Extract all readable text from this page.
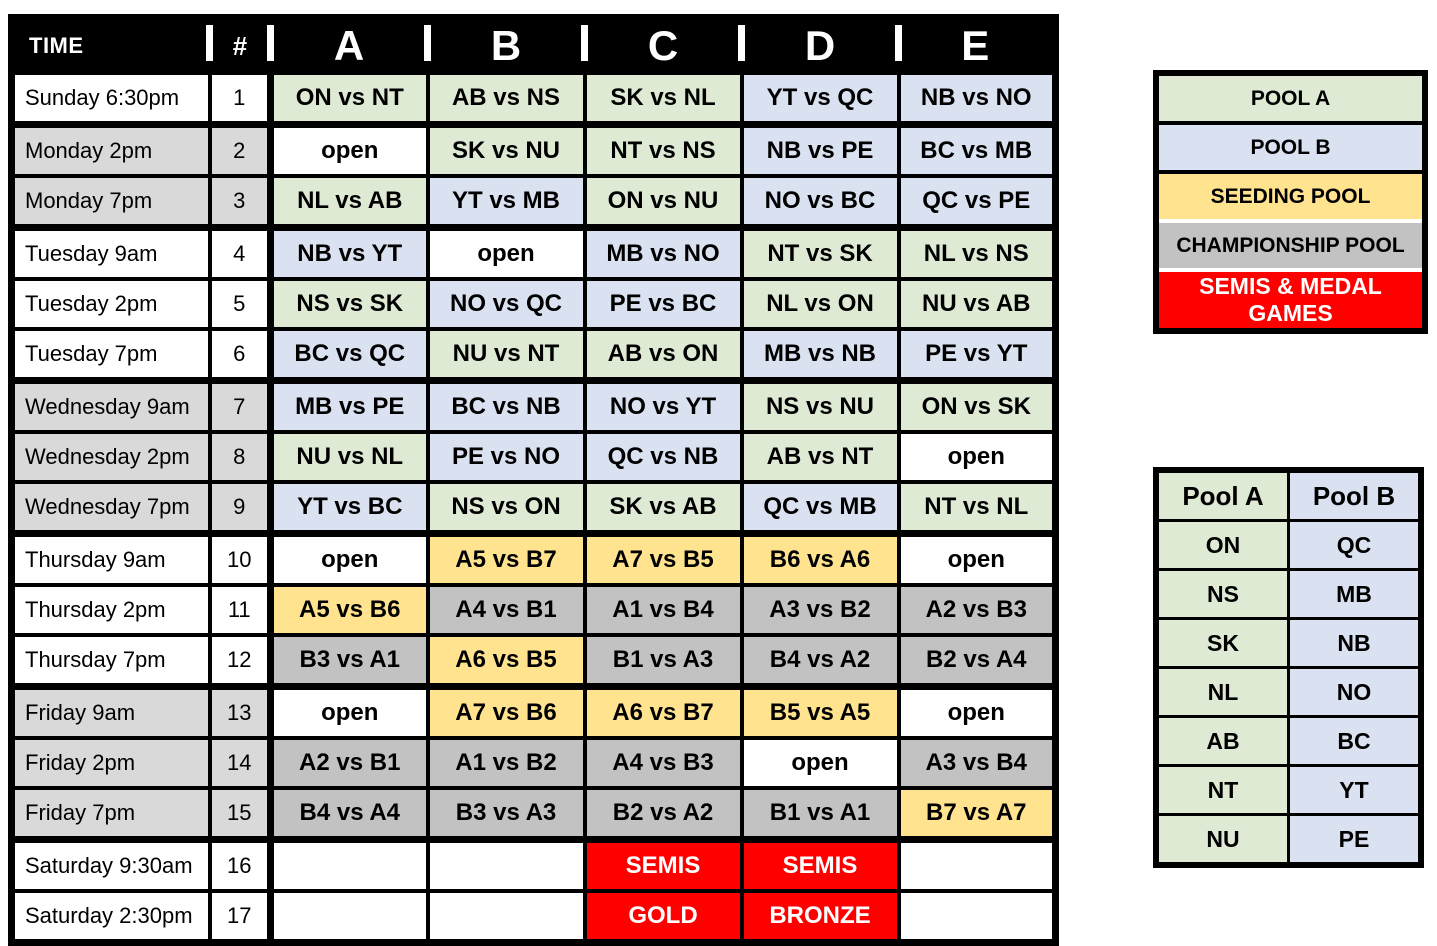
TIME	#	A	B	C	D	E
Sunday 6:30pm	1	ON vs NT	AB vs NS	SK vs NL	YT vs QC	NB vs NO
Monday 2pm	2	open	SK vs NU	NT vs NS	NB vs PE	BC vs MB
Monday 7pm	3	NL vs AB	YT vs MB	ON vs NU	NO vs BC	QC vs PE
Tuesday 9am	4	NB vs YT	open	MB vs NO	NT vs SK	NL vs NS
Tuesday 2pm	5	NS vs SK	NO vs QC	PE vs BC	NL vs ON	NU vs AB
Tuesday 7pm	6	BC vs QC	NU vs NT	AB vs ON	MB vs NB	PE vs YT
Wednesday 9am	7	MB vs PE	BC vs NB	NO vs YT	NS vs NU	ON vs SK
Wednesday 2pm	8	NU vs NL	PE vs NO	QC vs NB	AB vs NT	open
Wednesday 7pm	9	YT vs BC	NS vs ON	SK vs AB	QC vs MB	NT vs NL
Thursday 9am	10	open	A5 vs B7	A7 vs B5	B6 vs A6	open
Thursday 2pm	11	A5 vs B6	A4 vs B1	A1 vs B4	A3 vs B2	A2 vs B3
Thursday 7pm	12	B3 vs A1	A6 vs B5	B1 vs A3	B4 vs A2	B2 vs A4
Friday 9am	13	open	A7 vs B6	A6 vs B7	B5 vs A5	open
Friday 2pm	14	A2 vs B1	A1 vs B2	A4 vs B3	open	A3 vs B4
Friday 7pm	15	B4 vs A4	B3 vs A3	B2 vs A2	B1 vs A1	B7 vs A7
Saturday 9:30am	16			SEMIS	SEMIS	
Saturday 2:30pm	17			GOLD	BRONZE	
POOL A
POOL B
SEEDING POOL
CHAMPIONSHIP POOL
SEMIS & MEDAL GAMES
Pool A	Pool B
ON	QC
NS	MB
SK	NB
NL	NO
AB	BC
NT	YT
NU	PE
